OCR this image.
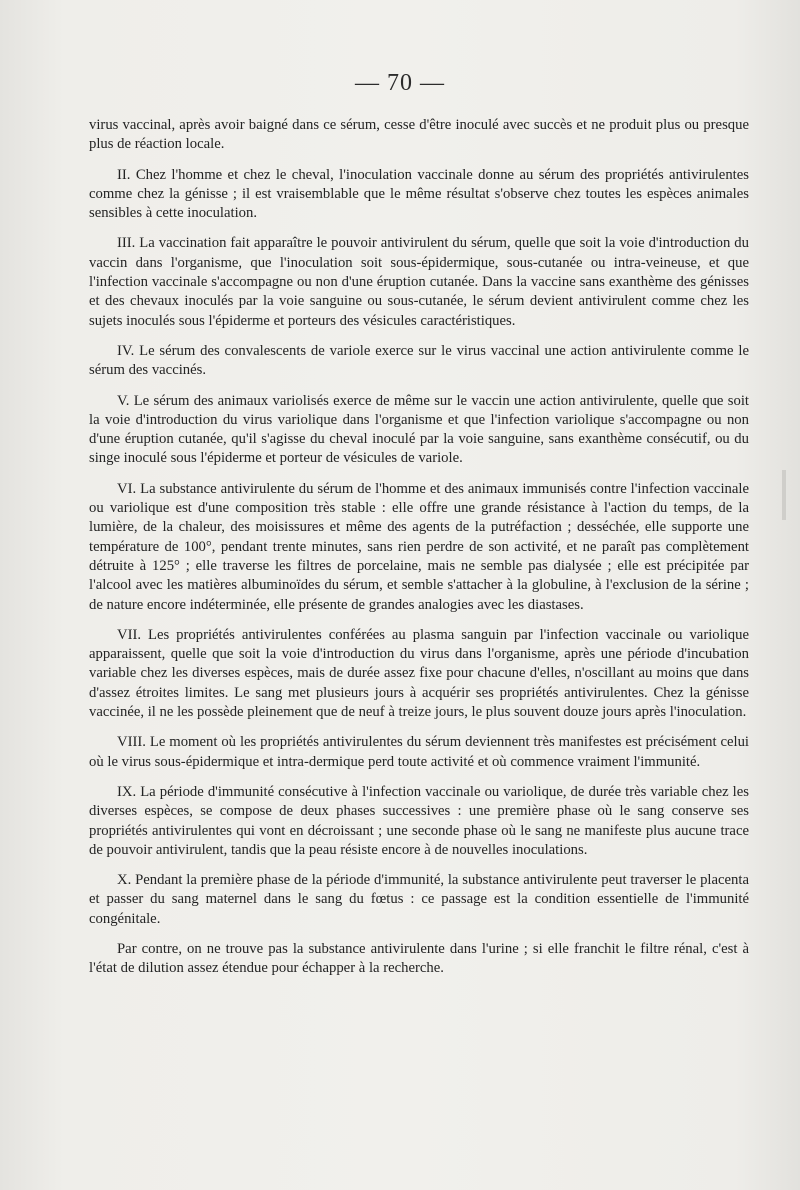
— 70 —

virus vaccinal, après avoir baigné dans ce sérum, cesse d'être inoculé avec succès et ne produit plus ou presque plus de réaction locale.

II. Chez l'homme et chez le cheval, l'inoculation vaccinale donne au sérum des propriétés antivirulentes comme chez la génisse ; il est vraisemblable que le même résultat s'observe chez toutes les espèces animales sensibles à cette inoculation.

III. La vaccination fait apparaître le pouvoir antivirulent du sérum, quelle que soit la voie d'introduction du vaccin dans l'organisme, que l'inoculation soit sous-épidermique, sous-cutanée ou intra-veineuse, et que l'infection vaccinale s'accompagne ou non d'une éruption cutanée. Dans la vaccine sans exanthème des génisses et des chevaux inoculés par la voie sanguine ou sous-cutanée, le sérum devient antivirulent comme chez les sujets inoculés sous l'épiderme et porteurs des vésicules caractéristiques.

IV. Le sérum des convalescents de variole exerce sur le virus vaccinal une action antivirulente comme le sérum des vaccinés.

V. Le sérum des animaux variolisés exerce de même sur le vaccin une action antivirulente, quelle que soit la voie d'introduction du virus variolique dans l'organisme et que l'infection variolique s'accompagne ou non d'une éruption cutanée, qu'il s'agisse du cheval inoculé par la voie sanguine, sans exanthème consécutif, ou du singe inoculé sous l'épiderme et porteur de vésicules de variole.

VI. La substance antivirulente du sérum de l'homme et des animaux immunisés contre l'infection vaccinale ou variolique est d'une composition très stable : elle offre une grande résistance à l'action du temps, de la lumière, de la chaleur, des moisissures et même des agents de la putréfaction ; desséchée, elle supporte une température de 100°, pendant trente minutes, sans rien perdre de son activité, et ne paraît pas complètement détruite à 125° ; elle traverse les filtres de porcelaine, mais ne semble pas dialysée ; elle est précipitée par l'alcool avec les matières albuminoïdes du sérum, et semble s'attacher à la globuline, à l'exclusion de la sérine ; de nature encore indéterminée, elle présente de grandes analogies avec les diastases.

VII. Les propriétés antivirulentes conférées au plasma sanguin par l'infection vaccinale ou variolique apparaissent, quelle que soit la voie d'introduction du virus dans l'organisme, après une période d'incubation variable chez les diverses espèces, mais de durée assez fixe pour chacune d'elles, n'oscillant au moins que dans d'assez étroites limites. Le sang met plusieurs jours à acquérir ses propriétés antivirulentes. Chez la génisse vaccinée, il ne les possède pleinement que de neuf à treize jours, le plus souvent douze jours après l'inoculation.

VIII. Le moment où les propriétés antivirulentes du sérum deviennent très manifestes est précisément celui où le virus sous-épidermique et intra-dermique perd toute activité et où commence vraiment l'immunité.

IX. La période d'immunité consécutive à l'infection vaccinale ou variolique, de durée très variable chez les diverses espèces, se compose de deux phases successives : une première phase où le sang conserve ses propriétés antivirulentes qui vont en décroissant ; une seconde phase où le sang ne manifeste plus aucune trace de pouvoir antivirulent, tandis que la peau résiste encore à de nouvelles inoculations.

X. Pendant la première phase de la période d'immunité, la substance antivirulente peut traverser le placenta et passer du sang maternel dans le sang du fœtus : ce passage est la condition essentielle de l'immunité congénitale.

Par contre, on ne trouve pas la substance antivirulente dans l'urine ; si elle franchit le filtre rénal, c'est à l'état de dilution assez étendue pour échapper à la recherche.
